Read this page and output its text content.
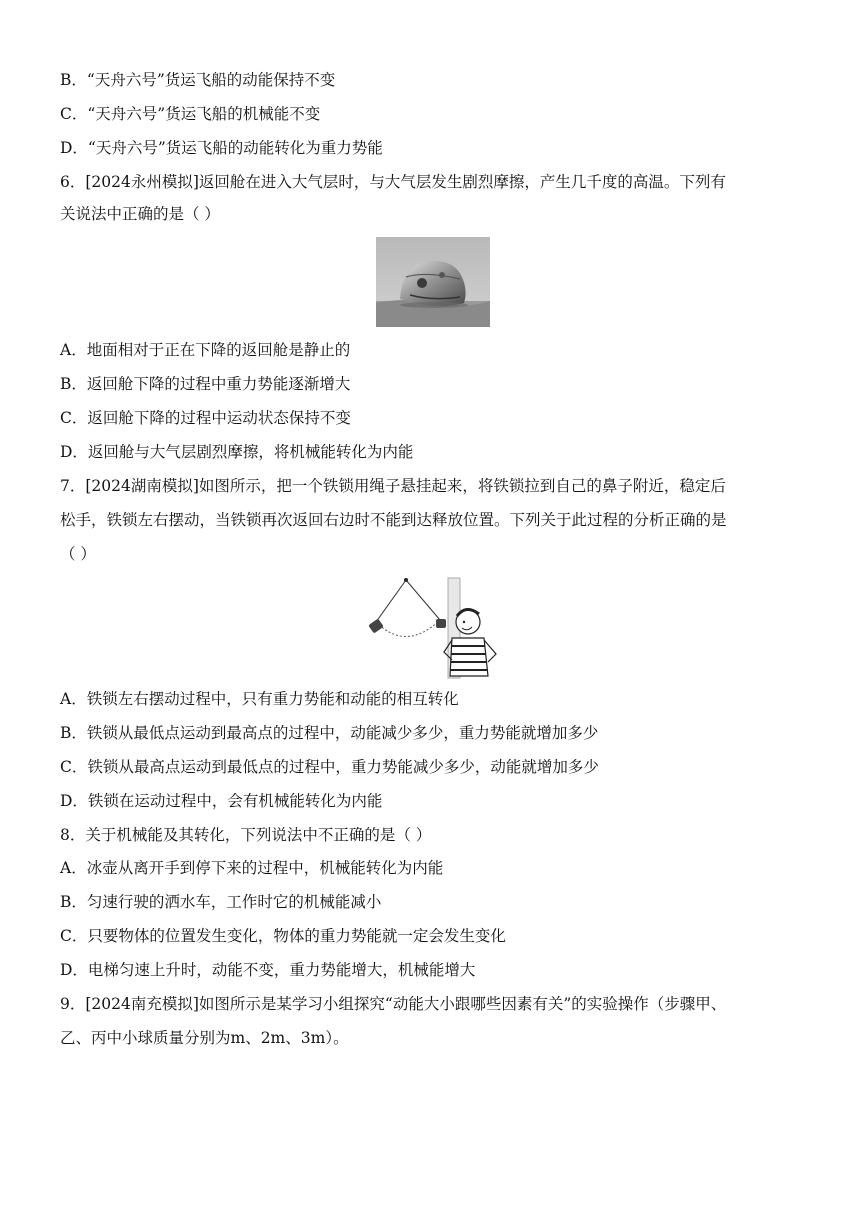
B．“天舟六号”货运飞船的动能保持不变
C．“天舟六号”货运飞船的机械能不变
D．“天舟六号”货运飞船的动能转化为重力势能
6．[2024永州模拟]返回舱在进入大气层时，与大气层发生剧烈摩擦，产生几千度的高温。下列有
关说法中正确的是（ ）
A．地面相对于正在下降的返回舱是静止的
B．返回舱下降的过程中重力势能逐渐增大
C．返回舱下降的过程中运动状态保持不变
D．返回舱与大气层剧烈摩擦，将机械能转化为内能
7．[2024湖南模拟]如图所示，把一个铁锁用绳子悬挂起来，将铁锁拉到自己的鼻子附近，稳定后
松手，铁锁左右摆动，当铁锁再次返回右边时不能到达释放位置。下列关于此过程的分析正确的是
（ ）
A．铁锁左右摆动过程中，只有重力势能和动能的相互转化
B．铁锁从最低点运动到最高点的过程中，动能减少多少，重力势能就增加多少
C．铁锁从最高点运动到最低点的过程中，重力势能减少多少，动能就增加多少
D．铁锁在运动过程中，会有机械能转化为内能
8．关于机械能及其转化，下列说法中不正确的是（ ）
A．冰壶从离开手到停下来的过程中，机械能转化为内能
B．匀速行驶的洒水车，工作时它的机械能减小
C．只要物体的位置发生变化，物体的重力势能就一定会发生变化
D．电梯匀速上升时，动能不变，重力势能增大，机械能增大
9．[2024南充模拟]如图所示是某学习小组探究“动能大小跟哪些因素有关”的实验操作（步骤甲、
乙、丙中小球质量分别为m、2m、3m）。
